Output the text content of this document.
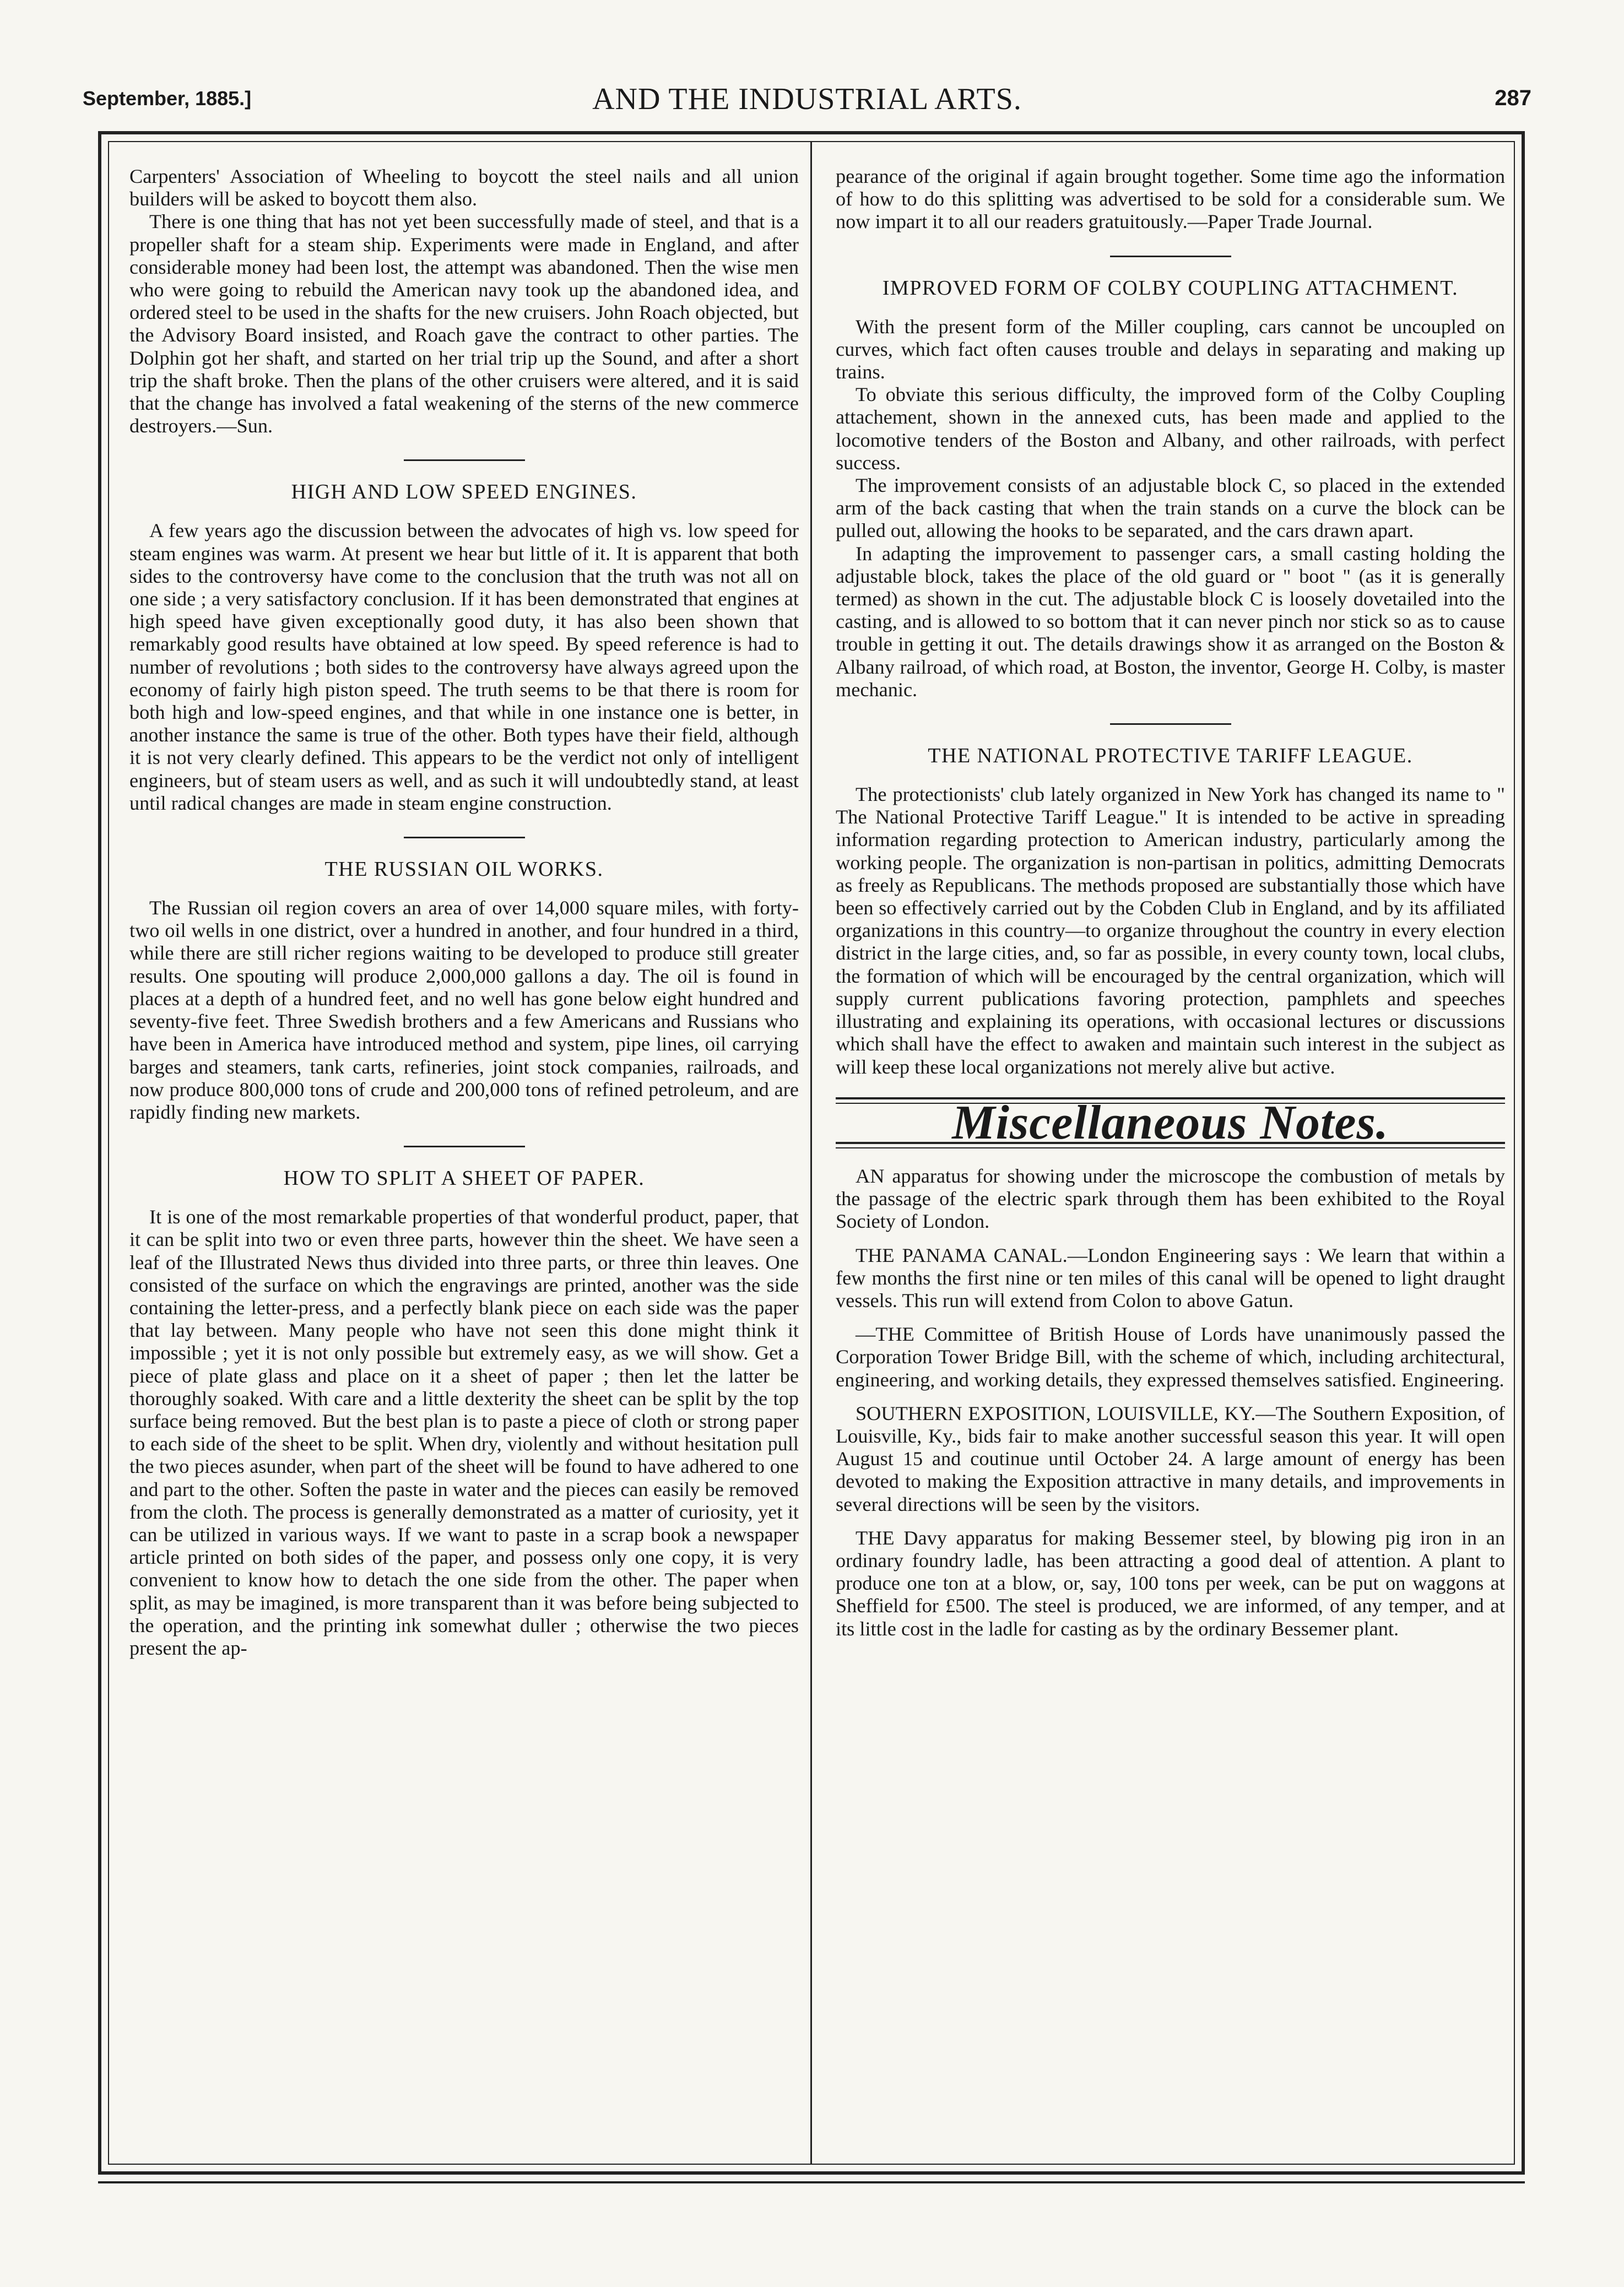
September, 1885.]	AND THE INDUSTRIAL ARTS.	287

Carpenters' Association of Wheeling to boycott the steel nails and all union builders will be asked to boycott them also.

There is one thing that has not yet been successfully made of steel, and that is a propeller shaft for a steam ship. Experiments were made in England, and after considerable money had been lost, the attempt was abandoned. Then the wise men who were going to rebuild the American navy took up the abandoned idea, and ordered steel to be used in the shafts for the new cruisers. John Roach objected, but the Advisory Board insisted, and Roach gave the contract to other parties. The Dolphin got her shaft, and started on her trial trip up the Sound, and after a short trip the shaft broke. Then the plans of the other cruisers were altered, and it is said that the change has involved a fatal weakening of the sterns of the new commerce destroyers.—Sun.

HIGH AND LOW SPEED ENGINES.

A few years ago the discussion between the advocates of high vs. low speed for steam engines was warm. At present we hear but little of it. It is apparent that both sides to the controversy have come to the conclusion that the truth was not all on one side ; a very satisfactory conclusion. If it has been demonstrated that engines at high speed have given exceptionally good duty, it has also been shown that remarkably good results have obtained at low speed. By speed reference is had to number of revolutions ; both sides to the controversy have always agreed upon the economy of fairly high piston speed. The truth seems to be that there is room for both high and low-speed engines, and that while in one instance one is better, in another instance the same is true of the other. Both types have their field, although it is not very clearly defined. This appears to be the verdict not only of intelligent engineers, but of steam users as well, and as such it will undoubtedly stand, at least until radical changes are made in steam engine construction.

THE RUSSIAN OIL WORKS.

The Russian oil region covers an area of over 14,000 square miles, with forty-two oil wells in one district, over a hundred in another, and four hundred in a third, while there are still richer regions waiting to be developed to produce still greater results. One spouting will produce 2,000,000 gallons a day. The oil is found in places at a depth of a hundred feet, and no well has gone below eight hundred and seventy-five feet. Three Swedish brothers and a few Americans and Russians who have been in America have introduced method and system, pipe lines, oil carrying barges and steamers, tank carts, refineries, joint stock companies, railroads, and now produce 800,000 tons of crude and 200,000 tons of refined petroleum, and are rapidly finding new markets.

HOW TO SPLIT A SHEET OF PAPER.

It is one of the most remarkable properties of that wonderful product, paper, that it can be split into two or even three parts, however thin the sheet. We have seen a leaf of the Illustrated News thus divided into three parts, or three thin leaves. One consisted of the surface on which the engravings are printed, another was the side containing the letter-press, and a perfectly blank piece on each side was the paper that lay between. Many people who have not seen this done might think it impossible ; yet it is not only possible but extremely easy, as we will show. Get a piece of plate glass and place on it a sheet of paper ; then let the latter be thoroughly soaked. With care and a little dexterity the sheet can be split by the top surface being removed. But the best plan is to paste a piece of cloth or strong paper to each side of the sheet to be split. When dry, violently and without hesitation pull the two pieces asunder, when part of the sheet will be found to have adhered to one and part to the other. Soften the paste in water and the pieces can easily be removed from the cloth. The process is generally demonstrated as a matter of curiosity, yet it can be utilized in various ways. If we want to paste in a scrap book a newspaper article printed on both sides of the paper, and possess only one copy, it is very convenient to know how to detach the one side from the other. The paper when split, as may be imagined, is more transparent than it was before being subjected to the operation, and the printing ink somewhat duller ; otherwise the two pieces present the ap-

pearance of the original if again brought together. Some time ago the information of how to do this splitting was advertised to be sold for a considerable sum. We now impart it to all our readers gratuitously.—Paper Trade Journal.

IMPROVED FORM OF COLBY COUPLING ATTACHMENT.

With the present form of the Miller coupling, cars cannot be uncoupled on curves, which fact often causes trouble and delays in separating and making up trains.

To obviate this serious difficulty, the improved form of the Colby Coupling attachement, shown in the annexed cuts, has been made and applied to the locomotive tenders of the Boston and Albany, and other railroads, with perfect success.

The improvement consists of an adjustable block C, so placed in the extended arm of the back casting that when the train stands on a curve the block can be pulled out, allowing the hooks to be separated, and the cars drawn apart.

In adapting the improvement to passenger cars, a small casting holding the adjustable block, takes the place of the old guard or " boot " (as it is generally termed) as shown in the cut. The adjustable block C is loosely dovetailed into the casting, and is allowed to so bottom that it can never pinch nor stick so as to cause trouble in getting it out. The details drawings show it as arranged on the Boston & Albany railroad, of which road, at Boston, the inventor, George H. Colby, is master mechanic.

THE NATIONAL PROTECTIVE TARIFF LEAGUE.

The protectionists' club lately organized in New York has changed its name to " The National Protective Tariff League." It is intended to be active in spreading information regarding protection to American industry, particularly among the working people. The organization is non-partisan in politics, admitting Democrats as freely as Republicans. The methods proposed are substantially those which have been so effectively carried out by the Cobden Club in England, and by its affiliated organizations in this country—to organize throughout the country in every election district in the large cities, and, so far as possible, in every county town, local clubs, the formation of which will be encouraged by the central organization, which will supply current publications favoring protection, pamphlets and speeches illustrating and explaining its operations, with occasional lectures or discussions which shall have the effect to awaken and maintain such interest in the subject as will keep these local organizations not merely alive but active.

Miscellaneous Notes.

AN apparatus for showing under the microscope the combustion of metals by the passage of the electric spark through them has been exhibited to the Royal Society of London.

THE PANAMA CANAL.—London Engineering says : We learn that within a few months the first nine or ten miles of this canal will be opened to light draught vessels. This run will extend from Colon to above Gatun.

—THE Committee of British House of Lords have unanimously passed the Corporation Tower Bridge Bill, with the scheme of which, including architectural, engineering, and working details, they expressed themselves satisfied. Engineering.

SOUTHERN EXPOSITION, LOUISVILLE, KY.—The Southern Exposition, of Louisville, Ky., bids fair to make another successful season this year. It will open August 15 and coutinue until October 24. A large amount of energy has been devoted to making the Exposition attractive in many details, and improvements in several directions will be seen by the visitors.

THE Davy apparatus for making Bessemer steel, by blowing pig iron in an ordinary foundry ladle, has been attracting a good deal of attention. A plant to produce one ton at a blow, or, say, 100 tons per week, can be put on waggons at Sheffield for £500. The steel is produced, we are informed, of any temper, and at its little cost in the ladle for casting as by the ordinary Bessemer plant.
